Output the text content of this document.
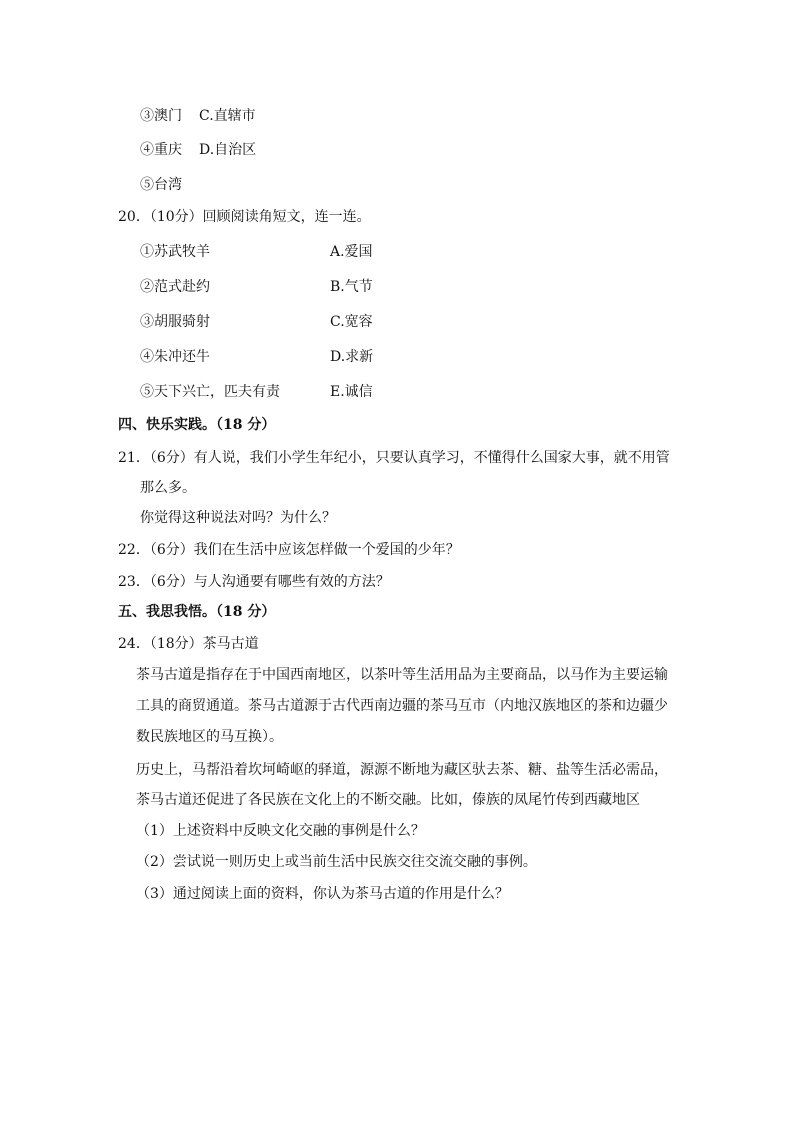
③澳门 C.直辖市
④重庆 D.自治区
⑤台湾
20．（10分）回顾阅读角短文，连一连。
①苏武牧羊	A.爱国
②范式赴约	B.气节
③胡服骑射	C.宽容
④朱冲还牛	D.求新
⑤天下兴亡，匹夫有责	E.诚信
四、快乐实践。（18 分）
21．（6分）有人说，我们小学生年纪小，只要认真学习，不懂得什么国家大事，就不用管
那么多。
你觉得这种说法对吗？为什么？
22．（6分）我们在生活中应该怎样做一个爱国的少年？
23．（6分）与人沟通要有哪些有效的方法？
五、我思我悟。（18 分）
24．（18分）茶马古道
茶马古道是指存在于中国西南地区，以茶叶等生活用品为主要商品，以马作为主要运输
工具的商贸通道。茶马古道源于古代西南边疆的茶马互市（内地汉族地区的茶和边疆少
数民族地区的马互换）。
历史上，马帮沿着坎坷崎岖的驿道，源源不断地为藏区驮去茶、糖、盐等生活必需品，
茶马古道还促进了各民族在文化上的不断交融。比如，傣族的凤尾竹传到西藏地区
（1）上述资料中反映文化交融的事例是什么？
（2）尝试说一则历史上或当前生活中民族交往交流交融的事例。
（3）通过阅读上面的资料，你认为茶马古道的作用是什么？
